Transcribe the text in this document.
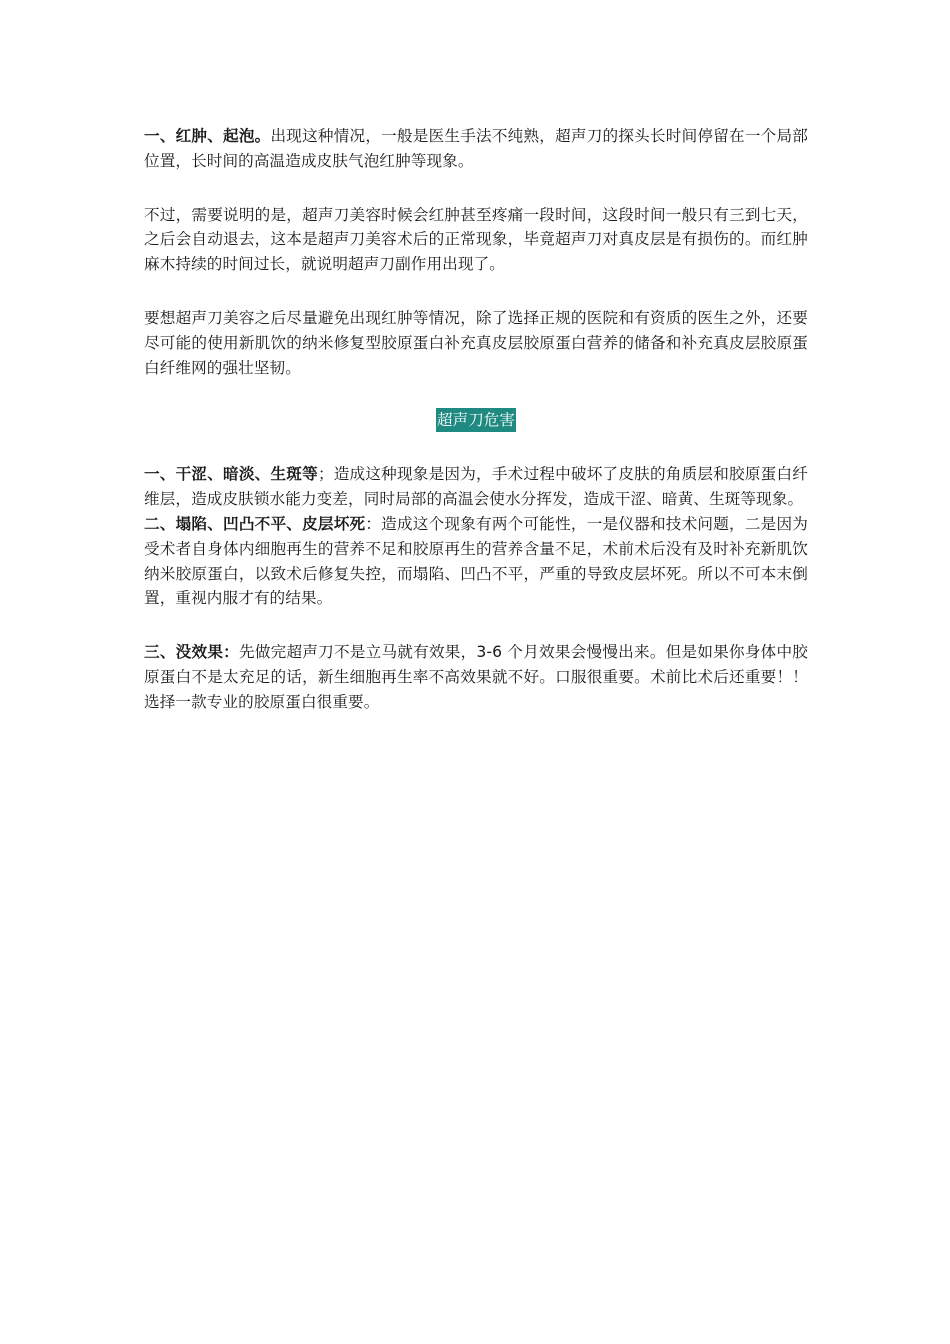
一、红肿、起泡。出现这种情况，一般是医生手法不纯熟，超声刀的探头长时间停留在一个局部位置，长时间的高温造成皮肤气泡红肿等现象。

不过，需要说明的是，超声刀美容时候会红肿甚至疼痛一段时间，这段时间一般只有三到七天，之后会自动退去，这本是超声刀美容术后的正常现象，毕竟超声刀对真皮层是有损伤的。而红肿麻木持续的时间过长，就说明超声刀副作用出现了。

要想超声刀美容之后尽量避免出现红肿等情况，除了选择正规的医院和有资质的医生之外，还要尽可能的使用新肌饮的纳米修复型胶原蛋白补充真皮层胶原蛋白营养的储备和补充真皮层胶原蛋白纤维网的强壮坚韧。

超声刀危害

一、干涩、暗淡、生斑等；造成这种现象是因为，手术过程中破坏了皮肤的角质层和胶原蛋白纤维层，造成皮肤锁水能力变差，同时局部的高温会使水分挥发，造成干涩、暗黄、生斑等现象。

二、塌陷、凹凸不平、皮层坏死：造成这个现象有两个可能性，一是仪器和技术问题，二是因为受术者自身体内细胞再生的营养不足和胶原再生的营养含量不足，术前术后没有及时补充新肌饮纳米胶原蛋白，以致术后修复失控，而塌陷、凹凸不平，严重的导致皮层坏死。所以不可本末倒置，重视内服才有的结果。

三、没效果：先做完超声刀不是立马就有效果，3-6 个月效果会慢慢出来。但是如果你身体中胶原蛋白不是太充足的话，新生细胞再生率不高效果就不好。口服很重要。术前比术后还重要！！选择一款专业的胶原蛋白很重要。
